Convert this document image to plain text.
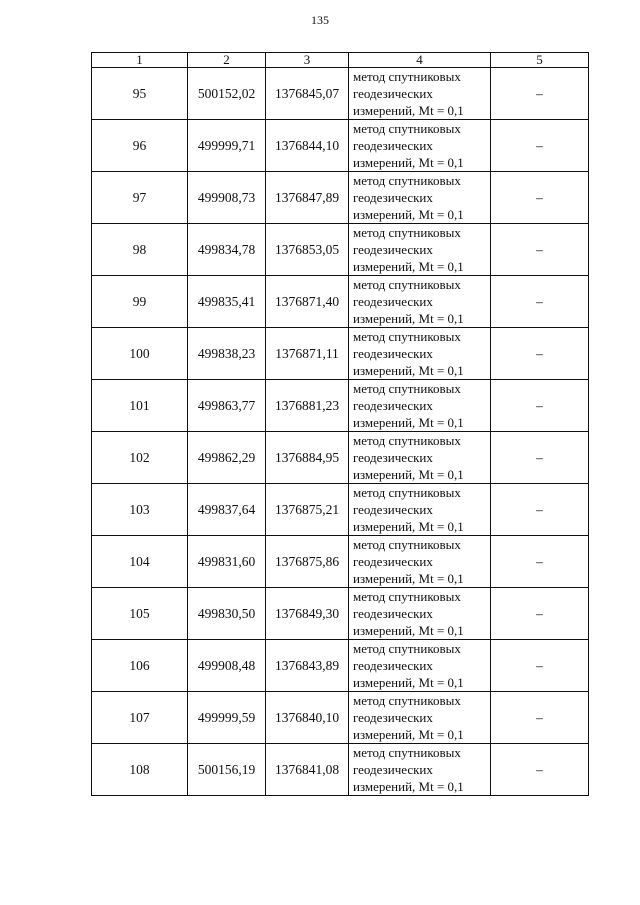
135
1	2	3	4	5
95	500152,02	1376845,07	метод спутниковых
геодезических
измерений, Mt = 0,1	–
96	499999,71	1376844,10	метод спутниковых
геодезических
измерений, Mt = 0,1	–
97	499908,73	1376847,89	метод спутниковых
геодезических
измерений, Mt = 0,1	–
98	499834,78	1376853,05	метод спутниковых
геодезических
измерений, Mt = 0,1	–
99	499835,41	1376871,40	метод спутниковых
геодезических
измерений, Mt = 0,1	–
100	499838,23	1376871,11	метод спутниковых
геодезических
измерений, Mt = 0,1	–
101	499863,77	1376881,23	метод спутниковых
геодезических
измерений, Mt = 0,1	–
102	499862,29	1376884,95	метод спутниковых
геодезических
измерений, Mt = 0,1	–
103	499837,64	1376875,21	метод спутниковых
геодезических
измерений, Mt = 0,1	–
104	499831,60	1376875,86	метод спутниковых
геодезических
измерений, Mt = 0,1	–
105	499830,50	1376849,30	метод спутниковых
геодезических
измерений, Mt = 0,1	–
106	499908,48	1376843,89	метод спутниковых
геодезических
измерений, Mt = 0,1	–
107	499999,59	1376840,10	метод спутниковых
геодезических
измерений, Mt = 0,1	–
108	500156,19	1376841,08	метод спутниковых
геодезических
измерений, Mt = 0,1	–
